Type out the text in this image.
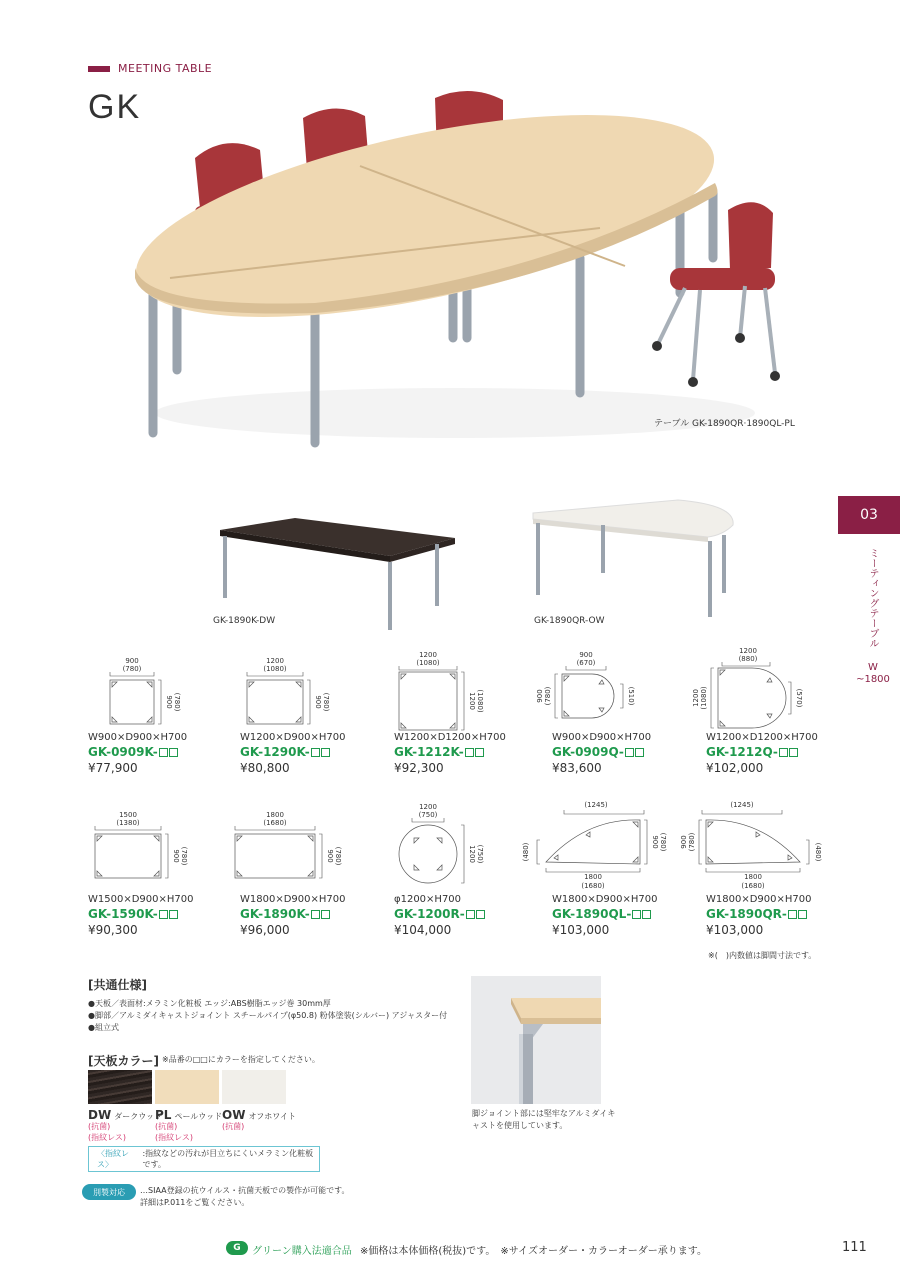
MEETING TABLE
GK
テーブル GK-1890QR·1890QL-PL
GK-1890K-DW	GK-1890QR-OW
03
ミーティングテーブル
W
~1800
900
(780)
900 (780)
1200
(1080)
900 (780)
1200
(1080)
1200 (1080)
900
(670)
900 (780)	(510)
1200
(880)
1200 (1080)	(570)
W900×D900×H700
GK-0909K-
¥77,900
W1200×D900×H700
GK-1290K-
¥80,800
W1200×D1200×H700
GK-1212K-
¥92,300
W900×D900×H700
GK-0909Q-
¥83,600
W1200×D1200×H700
GK-1212Q-
¥102,000
1500
(1380)
900 (780)
1800
(1680)
900 (780)
1200
(750)
1200 (750)
(1245)
1800
(1680)
(480)
900 (780)
(1245)
1800
(1680)
900 (780)
(480)
W1500×D900×H700
GK-1590K-
¥90,300
W1800×D900×H700
GK-1890K-
¥96,000
φ1200×H700
GK-1200R-
¥104,000
W1800×D900×H700
GK-1890QL-
¥103,000
W1800×D900×H700
GK-1890QR-
¥103,000
※(　)内数値は脚間寸法です。
[共通仕様]
●天板／表面材:メラミン化粧板 エッジ:ABS樹脂エッジ巻 30mm厚
●脚部／アルミダイキャストジョイント スチールパイプ(φ50.8) 粉体塗装(シルバー) アジャスター付
●組立式
[天板カラー] ※品番の□□にカラーを指定してください。
DW ダークウッド
PL ペールウッド OW オフホワイト
(抗菌)
(指紋レス)
(抗菌)
(指紋レス)
(抗菌)
〈指紋レス〉
:指紋などの汚れが目立ちにくいメラミン化粧板です。
別製対応	…SIAA登録の抗ウイルス・抗菌天板での製作が可能です。
詳細はP.011をご覧ください。
脚ジョイント部には堅牢なアルミダイキャストを使用しています。
G	グリーン購入法適合品 ※価格は本体価格(税抜)です。　※サイズオーダー・カラーオーダー承ります。	111
